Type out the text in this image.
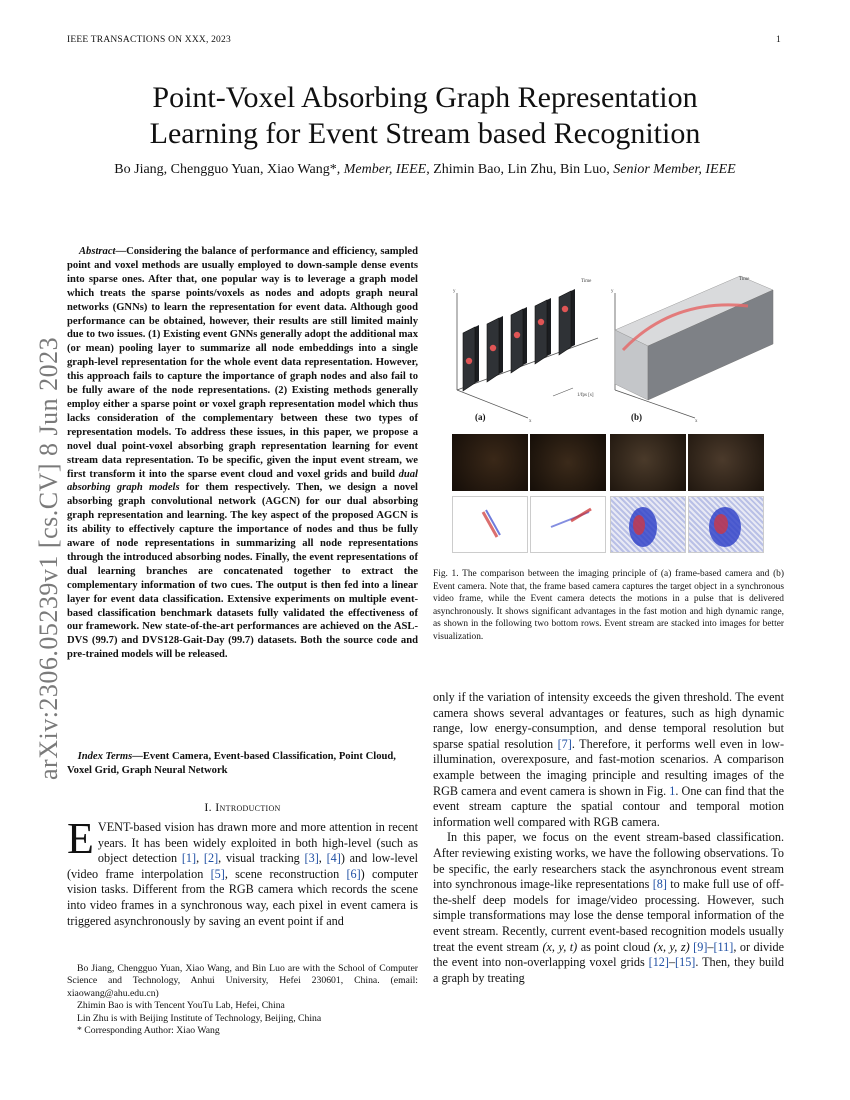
IEEE TRANSACTIONS ON XXX, 2023	1
Point-Voxel Absorbing Graph Representation
Learning for Event Stream based Recognition
Bo Jiang, Chengguo Yuan, Xiao Wang*, Member, IEEE, Zhimin Bao, Lin Zhu, Bin Luo, Senior Member, IEEE
arXiv:2306.05239v1 [cs.CV] 8 Jun 2023
Abstract—Considering the balance of performance and efficiency, sampled point and voxel methods are usually employed to down-sample dense events into sparse ones. After that, one popular way is to leverage a graph model which treats the sparse points/voxels as nodes and adopts graph neural networks (GNNs) to learn the representation for event data. Although good performance can be obtained, however, their results are still limited mainly due to two issues. (1) Existing event GNNs generally adopt the additional max (or mean) pooling layer to summarize all node embeddings into a single graph-level representation for the whole event data representation. However, this approach fails to capture the importance of graph nodes and also fail to be fully aware of the node representations. (2) Existing methods generally employ either a sparse point or voxel graph representation model which thus lacks consideration of the complementary between these two types of representation models. To address these issues, in this paper, we propose a novel dual point-voxel absorbing graph representation learning for event stream data representation. To be specific, given the input event stream, we first transform it into the sparse event cloud and voxel grids and build dual absorbing graph models for them respectively. Then, we design a novel absorbing graph convolutional network (AGCN) for our dual absorbing graph representation and learning. The key aspect of the proposed AGCN is its ability to effectively capture the importance of nodes and thus be fully aware of node representations in summarizing all node representations through the introduced absorbing nodes. Finally, the event representations of dual learning branches are concatenated together to extract the complementary information of two cues. The output is then fed into a linear layer for event data classification. Extensive experiments on multiple event-based classification benchmark datasets fully validated the effectiveness of our framework. New state-of-the-art performances are achieved on the ASL-DVS (99.7) and DVS128-Gait-Day (99.7) datasets. Both the source code and pre-trained models will be released.
Index Terms—Event Camera, Event-based Classification, Point Cloud, Voxel Grid, Graph Neural Network
I. Introduction
EVENT-based vision has drawn more and more attention in recent years. It has been widely exploited in both high-level (such as object detection [1], [2], visual tracking [3], [4]) and low-level (video frame interpolation [5], scene reconstruction [6]) computer vision tasks. Different from the RGB camera which records the scene into video frames in a synchronous way, each pixel in event camera is triggered asynchronously by saving an event point if and

Bo Jiang, Chengguo Yuan, Xiao Wang, and Bin Luo are with the School of Computer Science and Technology, Anhui University, Hefei 230601, China. (email: xiaowang@ahu.edu.cn)

Zhimin Bao is with Tencent YouTu Lab, Hefei, China

Lin Zhu is with Beijing Institute of Technology, Beijing, China

* Corresponding Author: Xiao Wang

1/fps [s]
Time
y
x
(a)
Time
y
x
(b)
Fig. 1. The comparison between the imaging principle of (a) frame-based camera and (b) Event camera. Note that, the frame based camera captures the target object in a synchronous video frame, while the Event camera detects the motions in a pulse that is delivered asynchronously. It shows significant advantages in the fast motion and high dynamic range, as shown in the following two bottom rows. Event stream are stacked into images for better visualization.

only if the variation of intensity exceeds the given threshold. The event camera shows several advantages or features, such as high dynamic range, low energy-consumption, and dense temporal resolution but sparse spatial resolution [7]. Therefore, it performs well even in low-illumination, overexposure, and fast-motion scenarios. A comparison example between the imaging principle and resulting images of the RGB camera and event camera is shown in Fig. 1. One can find that the event stream capture the spatial contour and temporal motion information well compared with RGB camera.

In this paper, we focus on the event stream-based classification. After reviewing existing works, we have the following observations. To be specific, the early researchers stack the asynchronous event stream into synchronous image-like representations [8] to make full use of off-the-shelf deep models for image/video processing. However, such simple transformations may lose the dense temporal information of the event stream. Recently, current event-based recognition models usually treat the event stream (x, y, t) as point cloud (x, y, z) [9]–[11], or divide the event into non-overlapping voxel grids [12]–[15]. Then, they build a graph by treating
